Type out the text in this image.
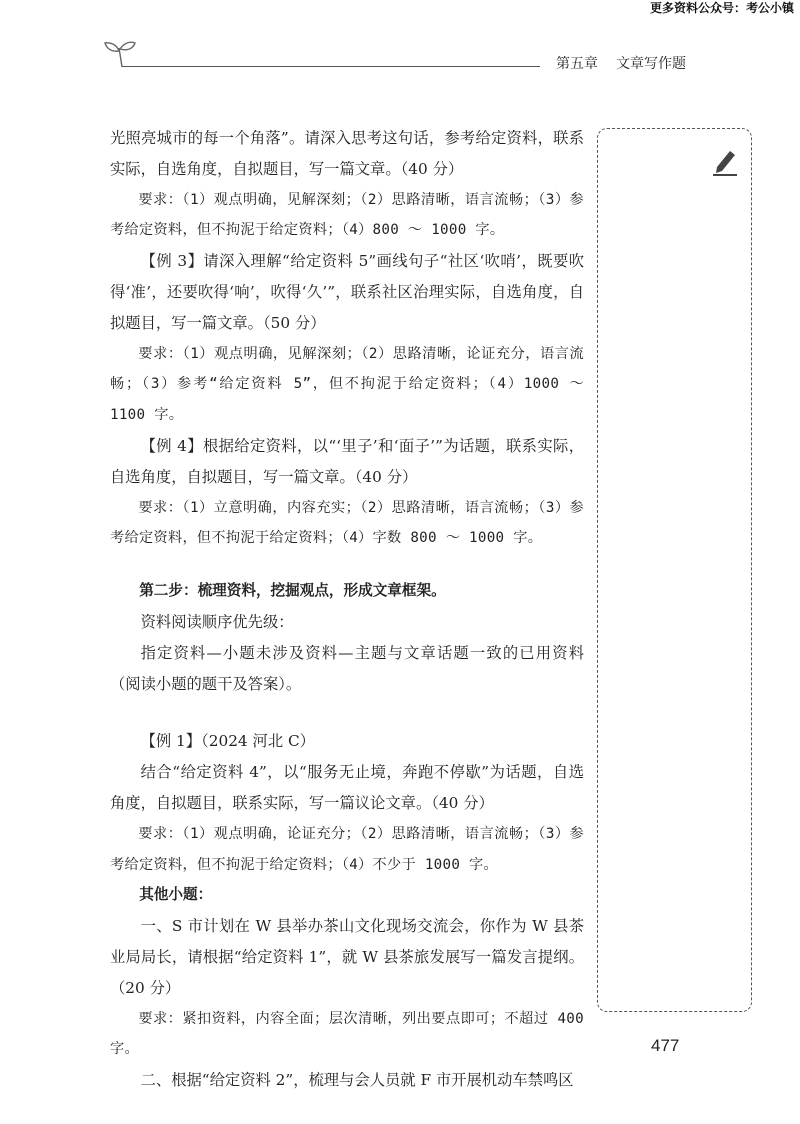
更多资料公众号：考公小镇
第五章 文章写作题

光照亮城市的每一个角落”。请深入思考这句话，参考给定资料，联系实际，自选角度，自拟题目，写一篇文章。（40 分）

要求：（1）观点明确，见解深刻；（2）思路清晰，语言流畅；（3）参考给定资料，但不拘泥于给定资料；（4）800 ～ 1000 字。

【例 3】请深入理解“给定资料 5”画线句子“社区‘吹哨’，既要吹得‘准’，还要吹得‘响’，吹得‘久’”，联系社区治理实际，自选角度，自拟题目，写一篇文章。（50 分）

要求：（1）观点明确，见解深刻；（2）思路清晰，论证充分，语言流畅；（3）参考“给定资料 5”，但不拘泥于给定资料；（4）1000 ～ 1100 字。

【例 4】根据给定资料，以“‘里子’和‘面子’”为话题，联系实际，自选角度，自拟题目，写一篇文章。（40 分）

要求：（1）立意明确，内容充实；（2）思路清晰，语言流畅；（3）参考给定资料，但不拘泥于给定资料；（4）字数 800 ～ 1000 字。

第二步：梳理资料，挖掘观点，形成文章框架。

资料阅读顺序优先级：

指定资料—小题未涉及资料—主题与文章话题一致的已用资料（阅读小题的题干及答案）。

【例 1】（2024 河北 C）

结合“给定资料 4”，以“服务无止境，奔跑不停歇”为话题，自选角度，自拟题目，联系实际，写一篇议论文章。（40 分）

要求：（1）观点明确，论证充分；（2）思路清晰，语言流畅；（3）参考给定资料，但不拘泥于给定资料；（4）不少于 1000 字。

其他小题：

一、S 市计划在 W 县举办茶山文化现场交流会，你作为 W 县茶业局局长，请根据“给定资料 1”，就 W 县茶旅发展写一篇发言提纲。（20 分）

要求：紧扣资料，内容全面；层次清晰，列出要点即可；不超过 400 字。

二、根据“给定资料 2”，梳理与会人员就 F 市开展机动车禁鸣区

477
